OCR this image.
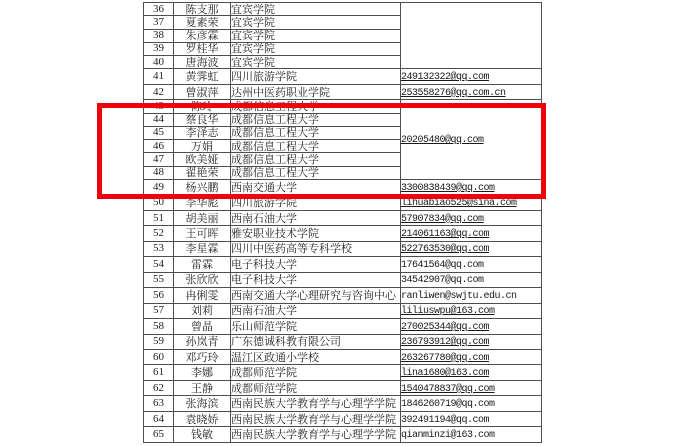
36	陈支那	宜宾学院	
37	夏素荣	宜宾学院	
38	朱彦霖	宜宾学院	
39	罗桂华	宜宾学院	
40	唐海波	宜宾学院	
41	黄霁虹	四川旅游学院	249132322@qq.com
42	曾淑萍	达州中医药职业学院	253558276@qq.com.cn
43	陈玲	成都信息工程大学	20205480@qq.com
44	蔡良华	成都信息工程大学	
45	李泽志	成都信息工程大学	
46	万娟	成都信息工程大学	
47	欧美娅	成都信息工程大学	
48	翟艳荣	成都信息工程大学	
49	杨兴鹏	西南交通大学	3300838439@qq.com
50	李华彪	四川旅游学院	lihuabiao525@sina.com
51	胡美丽	西南石油大学	57907834@qq.com
52	王可晖	雅安职业技术学院	214061163@qq.com
53	李星霖	四川中医药高等专科学校	522763530@qq.com
54	雷霖	电子科技大学	17641564@qq.com
55	张欣欣	电子科技大学	34542907@qq.com
56	冉俐雯	西南交通大学心理研究与咨询中心	ranliwen@swjtu.edu.cn
57	刘莉	西南石油大学	liliuswpu@163.com
58	曾晶	乐山师范学院	270025344@qq.com
59	孙岚青	广东德诚科教有限公司	236793912@qq.com
60	邓巧玲	温江区政通小学校	263267780@qq.com
61	李娜	成都师范学院	lina1680@163.com
62	王静	成都师范学院	1540478837@qq.com
63	张海滨	西南民族大学教育学与心理学学院	1846260719@qq.com
64	袁晓娇	西南民族大学教育学与心理学学院	392491194@qq.com
65	钱敏	西南民族大学教育学与心理学学院	qianminzi@163.com
